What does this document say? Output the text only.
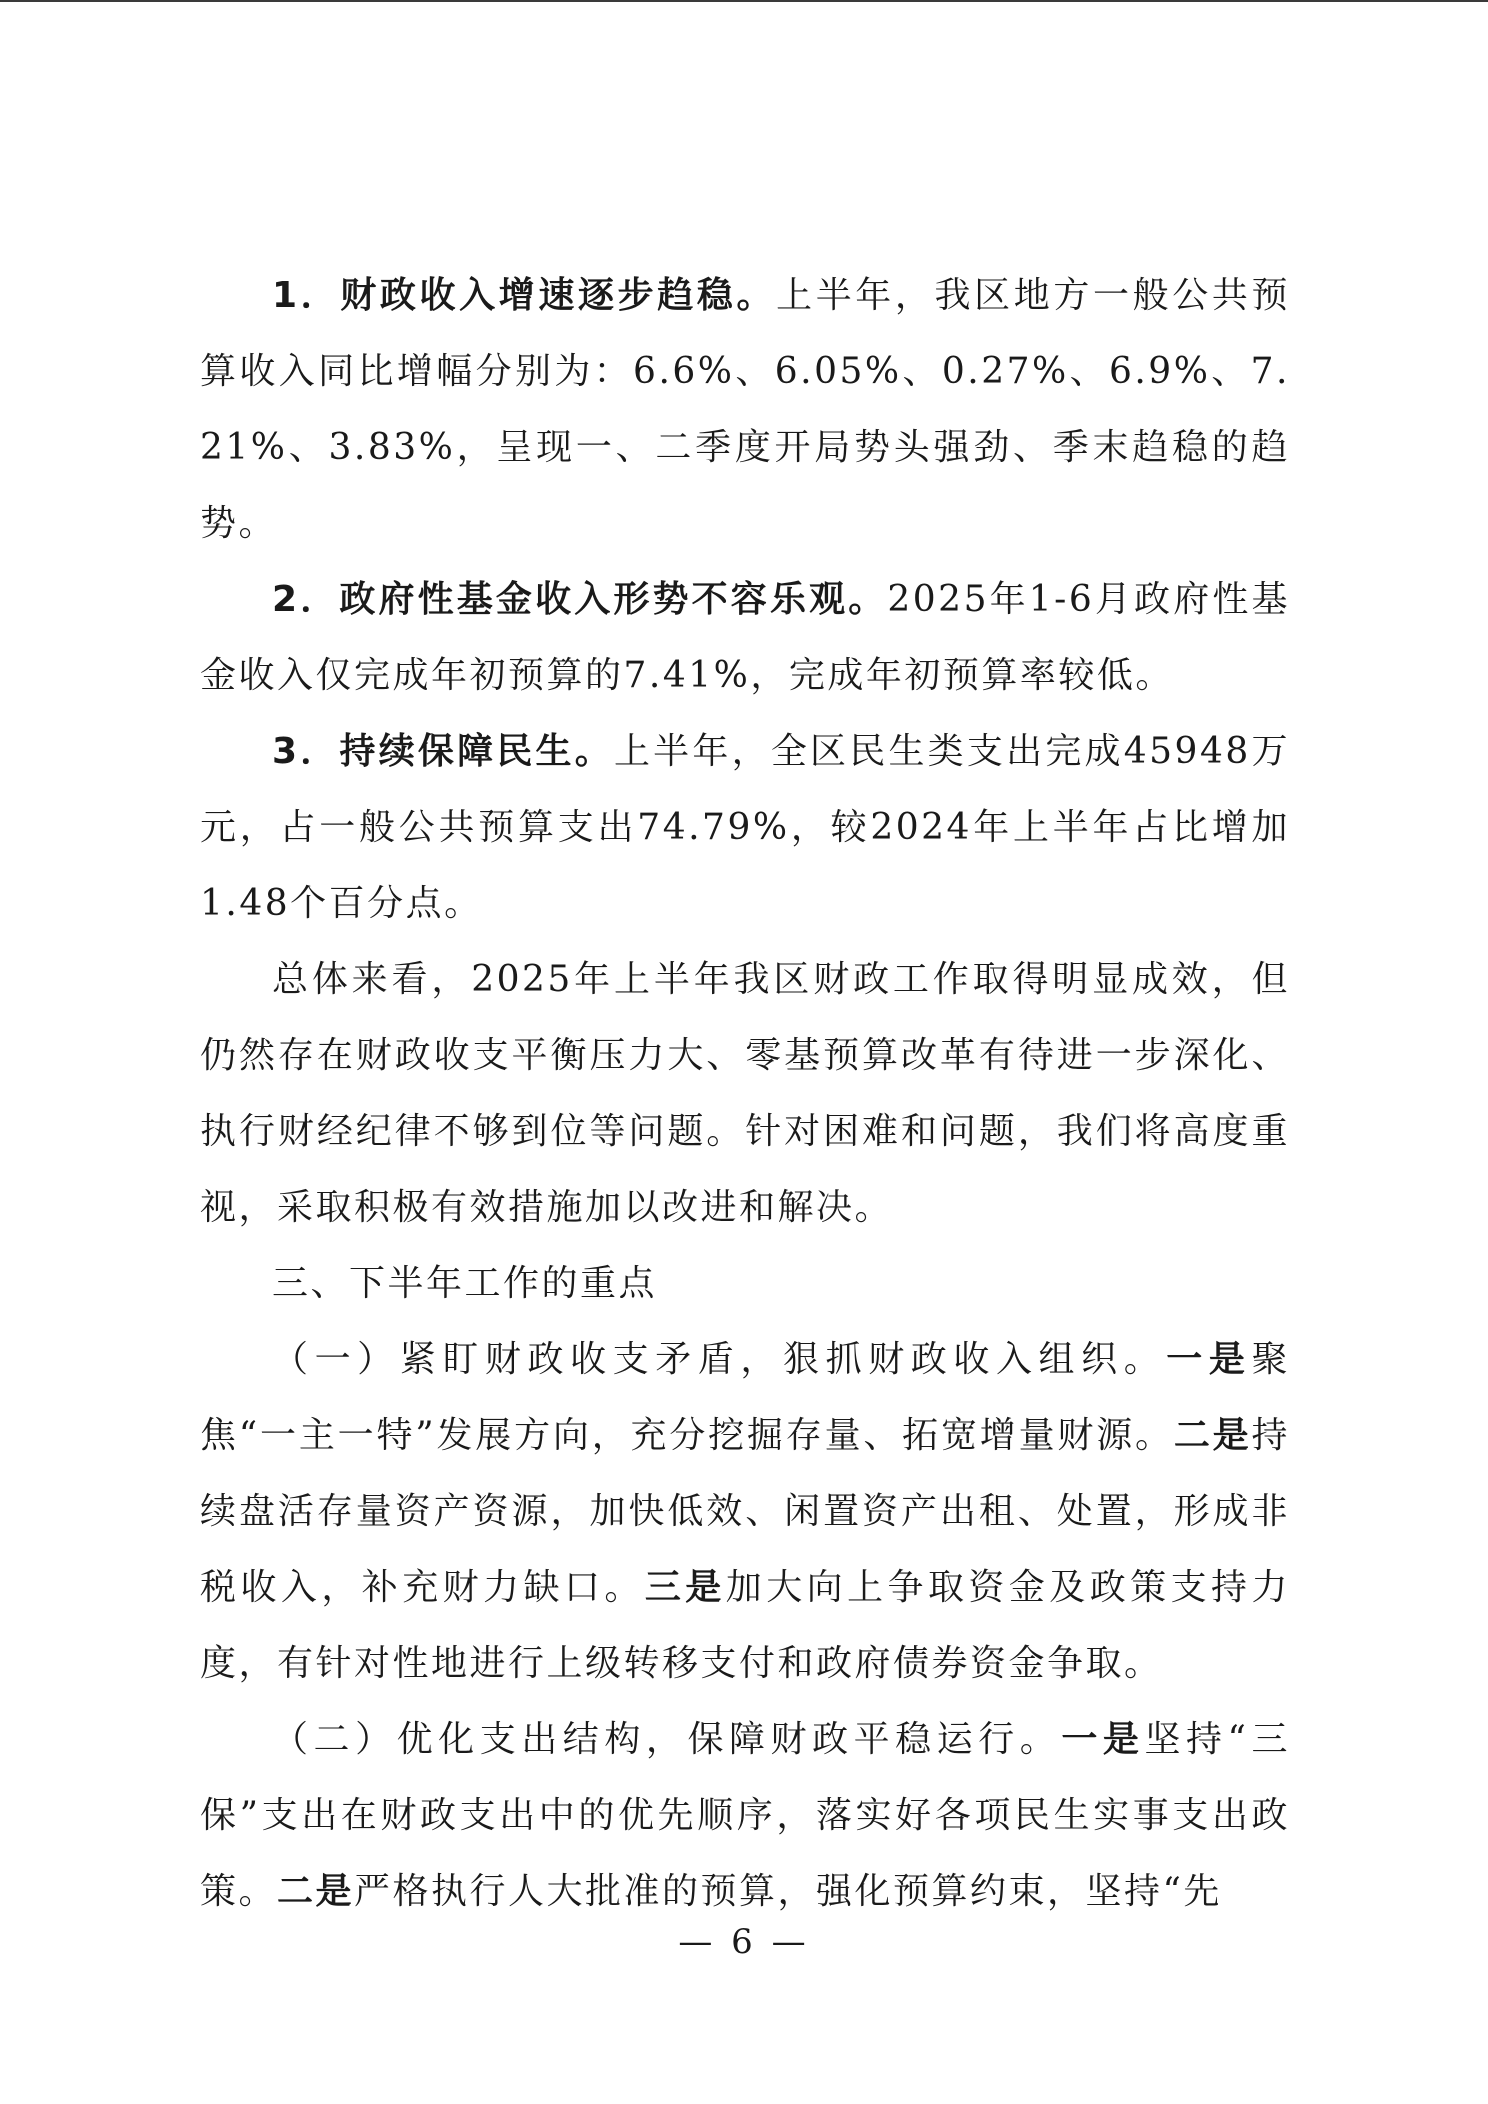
1．财政收入增速逐步趋稳。上半年，我区地方一般公共预算收入同比增幅分别为：6.6%、6.05%、0.27%、6.9%、7.21%、3.83%，呈现一、二季度开局势头强劲、季末趋稳的趋势。

2．政府性基金收入形势不容乐观。2025年1-6月政府性基金收入仅完成年初预算的7.41%，完成年初预算率较低。

3．持续保障民生。上半年，全区民生类支出完成45948万元，占一般公共预算支出74.79%，较2024年上半年占比增加1.48个百分点。

总体来看，2025年上半年我区财政工作取得明显成效，但仍然存在财政收支平衡压力大、零基预算改革有待进一步深化、执行财经纪律不够到位等问题。针对困难和问题，我们将高度重视，采取积极有效措施加以改进和解决。

三、下半年工作的重点

（一）紧盯财政收支矛盾，狠抓财政收入组织。一是聚焦“一主一特”发展方向，充分挖掘存量、拓宽增量财源。二是持续盘活存量资产资源，加快低效、闲置资产出租、处置，形成非税收入，补充财力缺口。三是加大向上争取资金及政策支持力度，有针对性地进行上级转移支付和政府债券资金争取。

（二）优化支出结构，保障财政平稳运行。一是坚持“三保”支出在财政支出中的优先顺序，落实好各项民生实事支出政策。二是严格执行人大批准的预算，强化预算约束，坚持“先

— 6 —
